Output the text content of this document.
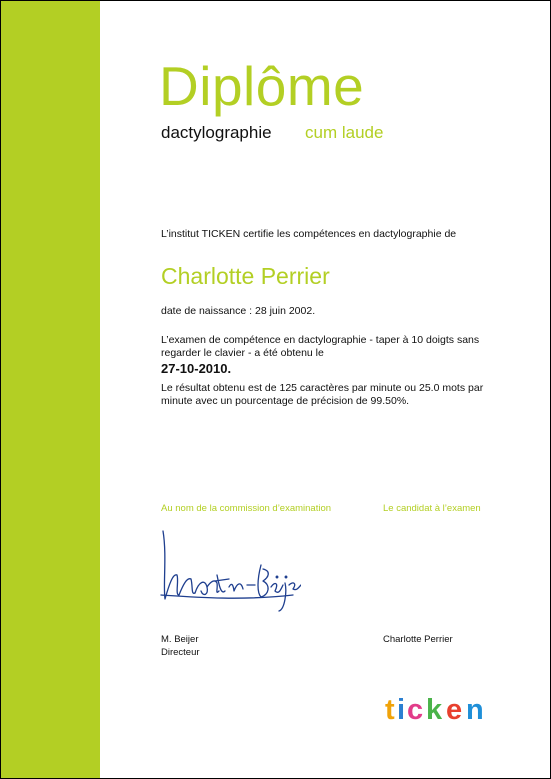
Diplôme
dactylographie cum laude
L’institut TICKEN certifie les compétences en dactylographie de
Charlotte Perrier
date de naissance : 28 juin 2002.
L’examen de compétence en dactylographie - taper à 10 doigts sans
regarder le clavier - a été obtenu le
27-10-2010.
Le résultat obtenu est de 125 caractères par minute ou 25.0 mots par
minute avec un pourcentage de précision de 99.50%.
Au nom de la commission d’examination	Le candidat à l’examen
M. Beijer
Directeur
Charlotte Perrier
t i c k e n
